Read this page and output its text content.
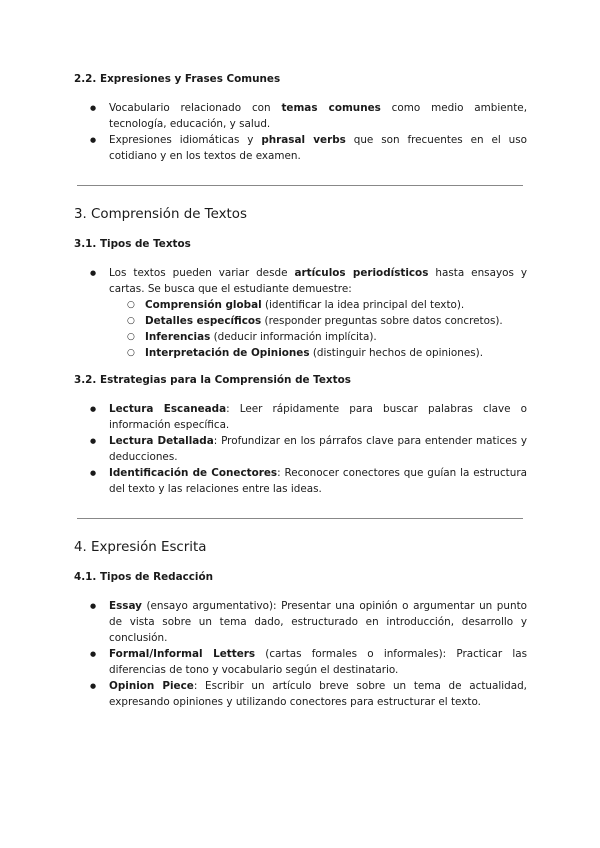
2.2. Expresiones y Frases Comunes
● Vocabulario relacionado con temas comunes como medio ambiente,
tecnología, educación, y salud.
● Expresiones idiomáticas y phrasal verbs que son frecuentes en el uso
cotidiano y en los textos de examen.
3. Comprensión de Textos
3.1. Tipos de Textos
● Los textos pueden variar desde artículos periodísticos hasta ensayos y
cartas. Se busca que el estudiante demuestre:
○ Comprensión global (identificar la idea principal del texto).
○ Detalles específicos (responder preguntas sobre datos concretos).
○ Inferencias (deducir información implícita).
○ Interpretación de Opiniones (distinguir hechos de opiniones).
3.2. Estrategias para la Comprensión de Textos
● Lectura Escaneada: Leer rápidamente para buscar palabras clave o
información específica.
● Lectura Detallada: Profundizar en los párrafos clave para entender matices y
deducciones.
● Identificación de Conectores: Reconocer conectores que guían la estructura
del texto y las relaciones entre las ideas.
4. Expresión Escrita
4.1. Tipos de Redacción
● Essay (ensayo argumentativo): Presentar una opinión o argumentar un punto
de vista sobre un tema dado, estructurado en introducción, desarrollo y
conclusión.
● Formal/Informal Letters (cartas formales o informales): Practicar las
diferencias de tono y vocabulario según el destinatario.
● Opinion Piece: Escribir un artículo breve sobre un tema de actualidad,
expresando opiniones y utilizando conectores para estructurar el texto.
